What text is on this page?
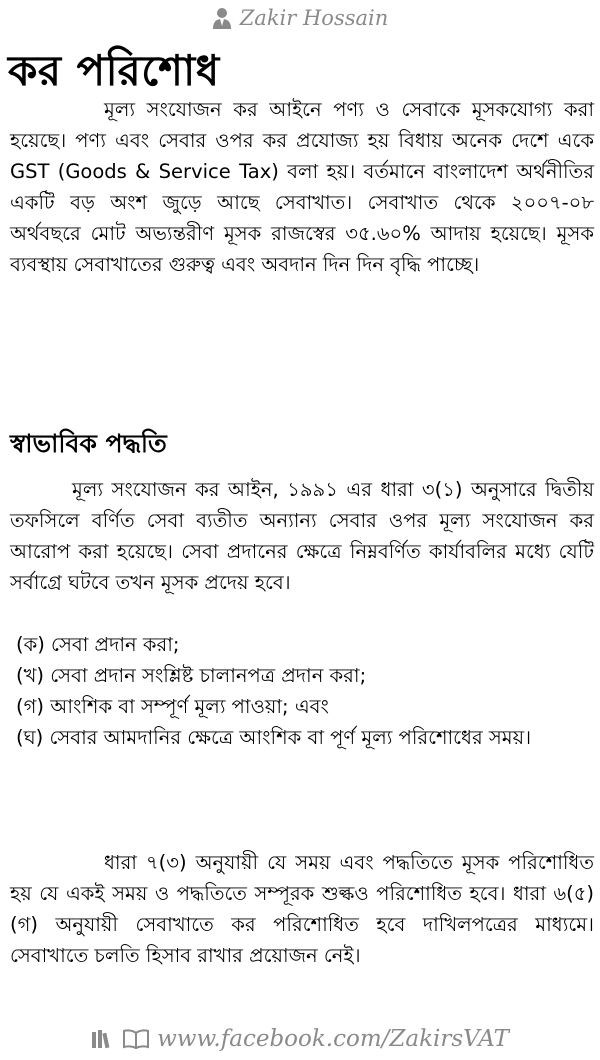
Zakir Hossain
কর পরিশোধ

মূল্য সংযোজন কর আইনে পণ্য ও সেবাকে মূসকযোগ্য করা হয়েছে। পণ্য এবং সেবার ওপর কর প্রযোজ্য হয় বিধায় অনেক দেশে একে GST (Goods & Service Tax) বলা হয়। বর্তমানে বাংলাদেশ অর্থনীতির একটি বড় অংশ জুড়ে আছে সেবাখাত। সেবাখাত থেকে ২০০৭-০৮ অর্থবছরে মোট অভ্যন্তরীণ মূসক রাজস্বের ৩৫.৬০% আদায় হয়েছে। মূসক ব্যবস্থায় সেবাখাতের গুরুত্ব এবং অবদান দিন দিন বৃদ্ধি পাচ্ছে।

স্বাভাবিক পদ্ধতি

মূল্য সংযোজন কর আইন, ১৯৯১ এর ধারা ৩(১) অনুসারে দ্বিতীয় তফসিলে বর্ণিত সেবা ব্যতীত অন্যান্য সেবার ওপর মূল্য সংযোজন কর আরোপ করা হয়েছে। সেবা প্রদানের ক্ষেত্রে নিম্নবর্ণিত কার্যাবলির মধ্যে যেটি সর্বাগ্রে ঘটবে তখন মূসক প্রদেয় হবে।

(ক) সেবা প্রদান করা;
(খ) সেবা প্রদান সংশ্লিষ্ট চালানপত্র প্রদান করা;
(গ) আংশিক বা সম্পূর্ণ মূল্য পাওয়া; এবং
(ঘ) সেবার আমদানির ক্ষেত্রে আংশিক বা পূর্ণ মূল্য পরিশোধের সময়।

ধারা ৭(৩) অনুযায়ী যে সময় এবং পদ্ধতিতে মূসক পরিশোধিত হয় যে একই সময় ও পদ্ধতিতে সম্পূরক শুল্কও পরিশোধিত হবে। ধারা ৬(৫)(গ) অনুযায়ী সেবাখাতে কর পরিশোধিত হবে দাখিলপত্রের মাধ্যমে। সেবাখাতে চলতি হিসাব রাখার প্রয়োজন নেই।

www.facebook.com/ZakirsVAT
